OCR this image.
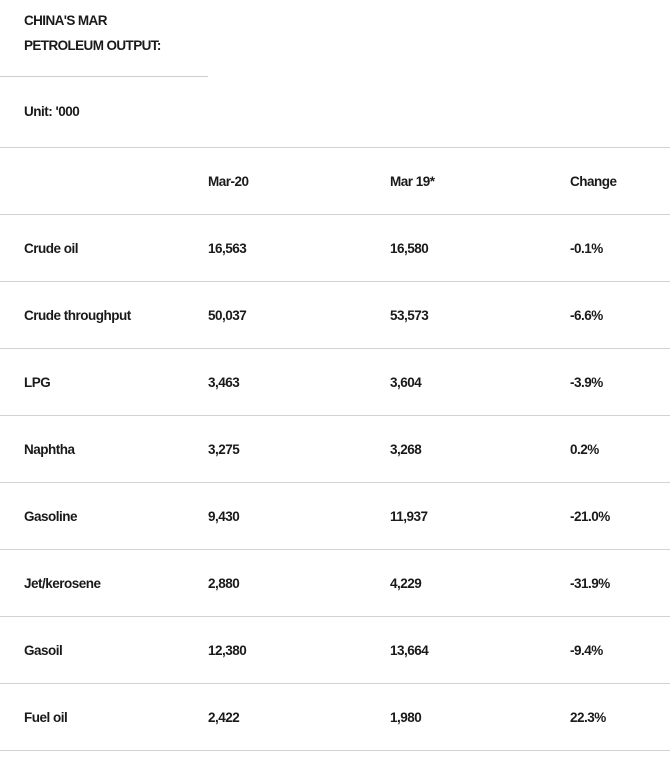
CHINA'S MAR
PETROLEUM OUTPUT:
Unit: '000
	Mar-20	Mar 19*	Change
Crude oil	16,563	16,580	-0.1%
Crude throughput	50,037	53,573	-6.6%
LPG	3,463	3,604	-3.9%
Naphtha	3,275	3,268	0.2%
Gasoline	9,430	11,937	-21.0%
Jet/kerosene	2,880	4,229	-31.9%
Gasoil	12,380	13,664	-9.4%
Fuel oil	2,422	1,980	22.3%
